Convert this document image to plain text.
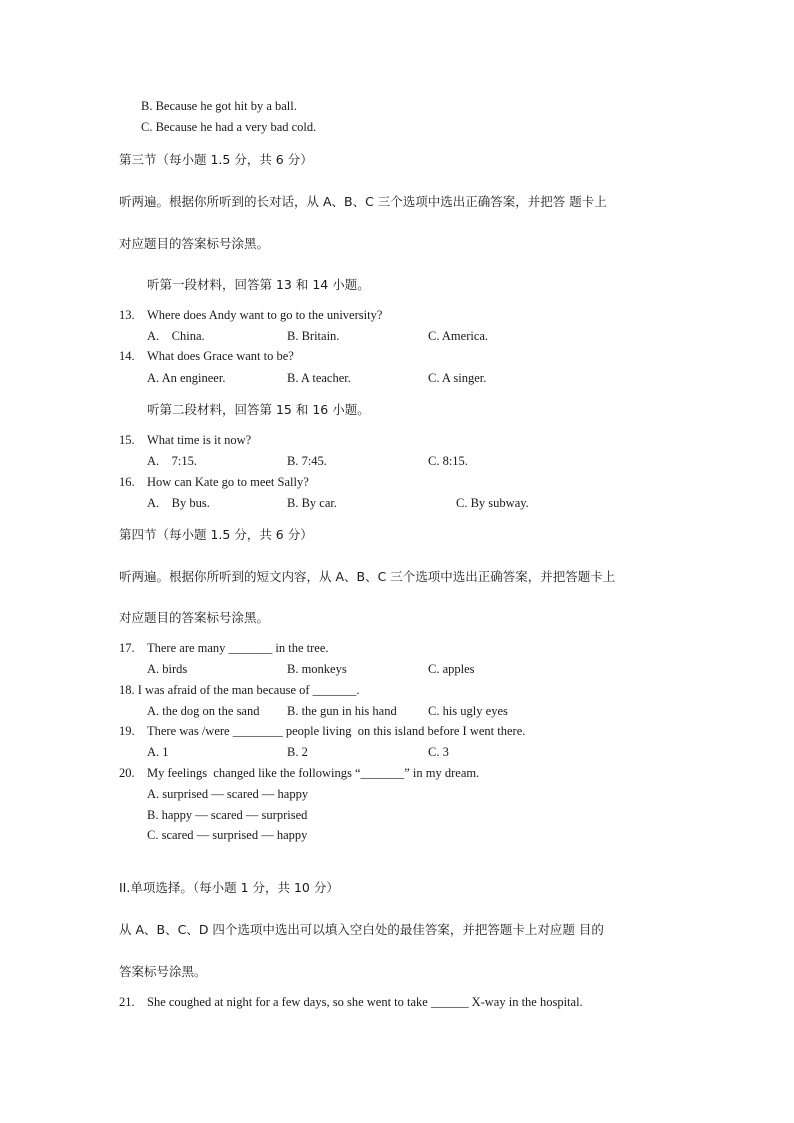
B. Because he got hit by a ball.
C. Because he had a very bad cold.
第三节（每小题 1.5 分，共 6 分）
听两遍。根据你所听到的长对话，从 A、B、C 三个选项中选出正确答案，并把答 题卡上
对应题目的答案标号涂黑。
听第一段材料，回答第 13 和 14 小题。
13. Where does Andy want to go to the university?
A.    China.	B. Britain.	C. America.
14. What does Grace want to be?
A. An engineer.	B. A teacher.	C. A singer.
听第二段材料，回答第 15 和 16 小题。
15. What time is it now?
A.    7:15.	B. 7:45.	C. 8:15.
16. How can Kate go to meet Sally?
A.    By bus.	B. By car.	C. By subway.
第四节（每小题 1.5 分，共 6 分）
听两遍。根据你所听到的短文内容，从 A、B、C 三个选项中选出正确答案，并把答题卡上
对应题目的答案标号涂黑。
17. There are many _______ in the tree.
A. birds	B. monkeys	C. apples
18. I was afraid of the man because of _______.
A. the dog on the sand B. the gun in his hand	C. his ugly eyes
19. There was /were ________ people living  on this island before I went there.
A. 1	B. 2	C. 3
20. My feelings  changed like the followings “_______” in my dream.
A. surprised — scared — happy
B. happy — scared — surprised
C. scared — surprised — happy
II.单项选择。（每小题 1 分，共 10 分）
从 A、B、C、D 四个选项中选出可以填入空白处的最佳答案，并把答题卡上对应题 目的
答案标号涂黑。
21. She coughed at night for a few days, so she went to take ______ X-way in the hospital.
